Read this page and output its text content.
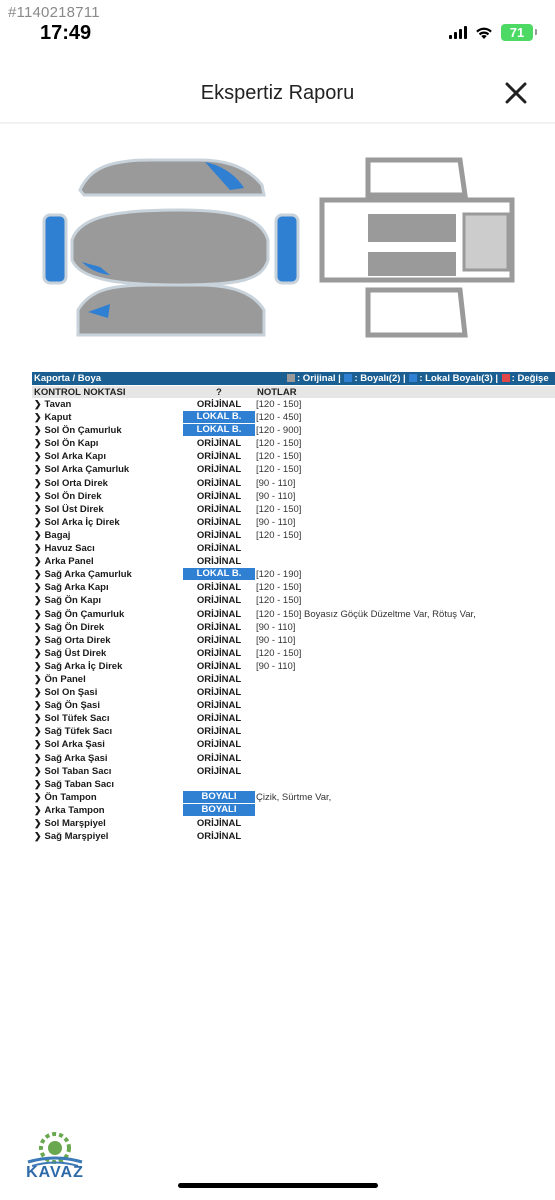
#1140218711
17:49	71
Ekspertiz Raporu
Kaporta / Boya	: Orijinal | : Boyalı(2) | : Lokal Boyalı(3) | : Değişe
KONTROL NOKTASI	?	NOTLAR
❯ Tavan	ORİJİNAL	[120 - 150]
❯ Kaput	LOKAL B.	[120 - 450]
❯ Sol Ön Çamurluk	LOKAL B.	[120 - 900]
❯ Sol Ön Kapı	ORİJİNAL	[120 - 150]
❯ Sol Arka Kapı	ORİJİNAL	[120 - 150]
❯ Sol Arka Çamurluk	ORİJİNAL	[120 - 150]
❯ Sol Orta Direk	ORİJİNAL	[90 - 110]
❯ Sol Ön Direk	ORİJİNAL	[90 - 110]
❯ Sol Üst Direk	ORİJİNAL	[120 - 150]
❯ Sol Arka İç Direk	ORİJİNAL	[90 - 110]
❯ Bagaj	ORİJİNAL	[120 - 150]
❯ Havuz Sacı	ORİJİNAL
❯ Arka Panel	ORİJİNAL
❯ Sağ Arka Çamurluk	LOKAL B.	[120 - 190]
❯ Sağ Arka Kapı	ORİJİNAL	[120 - 150]
❯ Sağ Ön Kapı	ORİJİNAL	[120 - 150]
❯ Sağ Ön Çamurluk	ORİJİNAL	[120 - 150] Boyasız Göçük Düzeltme Var, Rötuş Var,
❯ Sağ Ön Direk	ORİJİNAL	[90 - 110]
❯ Sağ Orta Direk	ORİJİNAL	[90 - 110]
❯ Sağ Üst Direk	ORİJİNAL	[120 - 150]
❯ Sağ Arka İç Direk	ORİJİNAL	[90 - 110]
❯ Ön Panel	ORİJİNAL
❯ Sol On Şasi	ORİJİNAL
❯ Sağ Ön Şasi	ORİJİNAL
❯ Sol Tüfek Sacı	ORİJİNAL
❯ Sağ Tüfek Sacı	ORİJİNAL
❯ Sol Arka Şasi	ORİJİNAL
❯ Sağ Arka Şasi	ORİJİNAL
❯ Sol Taban Sacı	ORİJİNAL
❯ Sağ Taban Sacı
❯ Ön Tampon	BOYALI	Çizik, Sürtme Var,
❯ Arka Tampon	BOYALI
❯ Sol Marşpiyel	ORİJİNAL
❯ Sağ Marşpiyel	ORİJİNAL
KAVAZ
